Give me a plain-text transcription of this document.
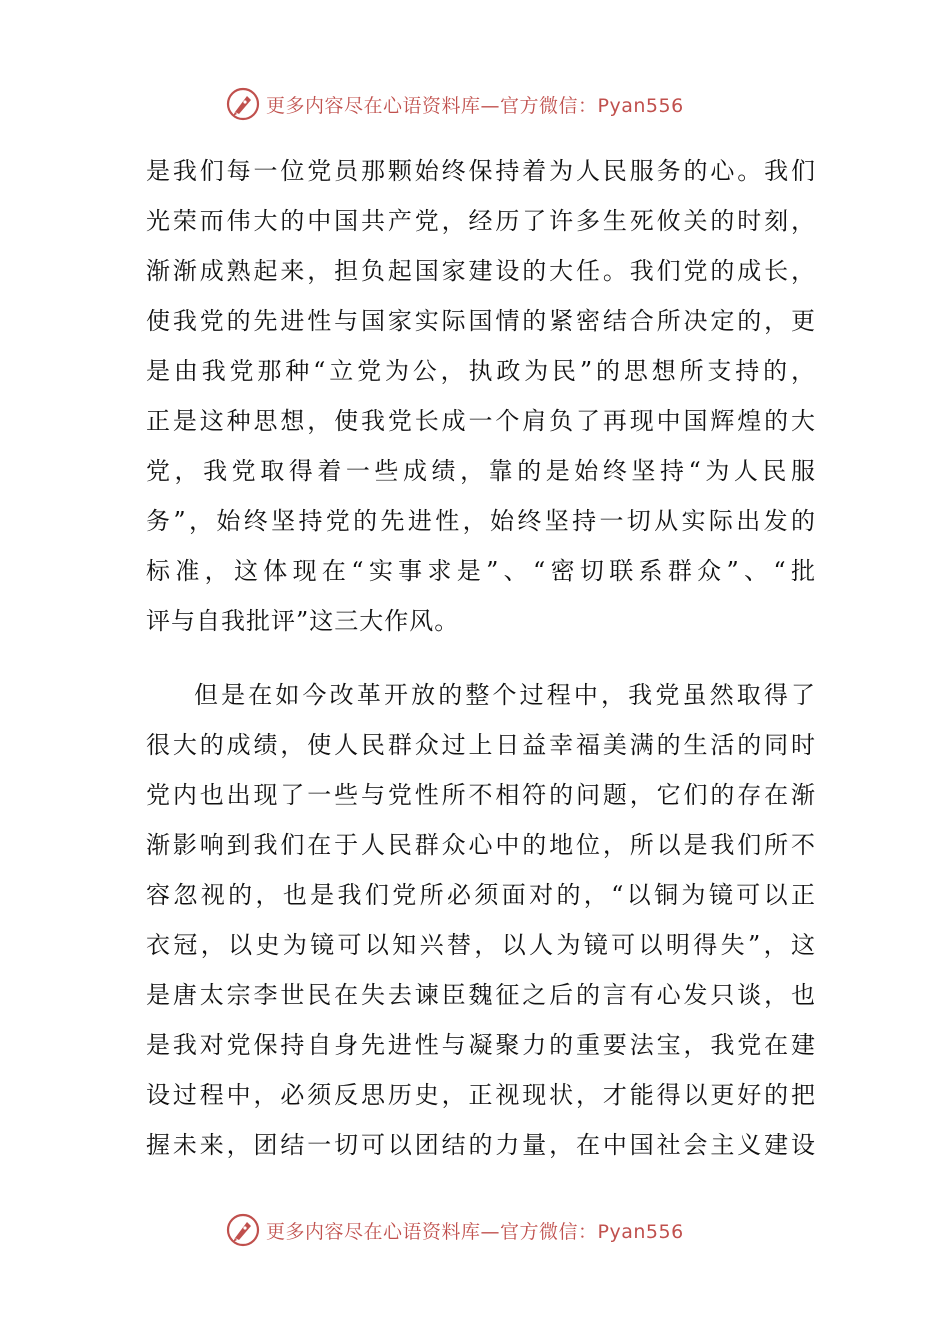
更多内容尽在心语资料库—官方微信：Pyan556
是我们每一位党员那颗始终保持着为人民服务的心。我们
光荣而伟大的中国共产党，经历了许多生死攸关的时刻，
渐渐成熟起来，担负起国家建设的大任。我们党的成长，
使我党的先进性与国家实际国情的紧密结合所决定的，更
是由我党那种“立党为公，执政为民”的思想所支持的，
正是这种思想，使我党长成一个肩负了再现中国辉煌的大
党，我党取得着一些成绩，靠的是始终坚持“为人民服
务”，始终坚持党的先进性，始终坚持一切从实际出发的
标准，这体现在“实事求是”、“密切联系群众”、“批
评与自我批评”这三大作风。
但是在如今改革开放的整个过程中，我党虽然取得了
很大的成绩，使人民群众过上日益幸福美满的生活的同时
党内也出现了一些与党性所不相符的问题，它们的存在渐
渐影响到我们在于人民群众心中的地位，所以是我们所不
容忽视的，也是我们党所必须面对的，“以铜为镜可以正
衣冠，以史为镜可以知兴替，以人为镜可以明得失”，这
是唐太宗李世民在失去谏臣魏征之后的言有心发只谈，也
是我对党保持自身先进性与凝聚力的重要法宝，我党在建
设过程中，必须反思历史，正视现状，才能得以更好的把
握未来，团结一切可以团结的力量，在中国社会主义建设
更多内容尽在心语资料库—官方微信：Pyan556
